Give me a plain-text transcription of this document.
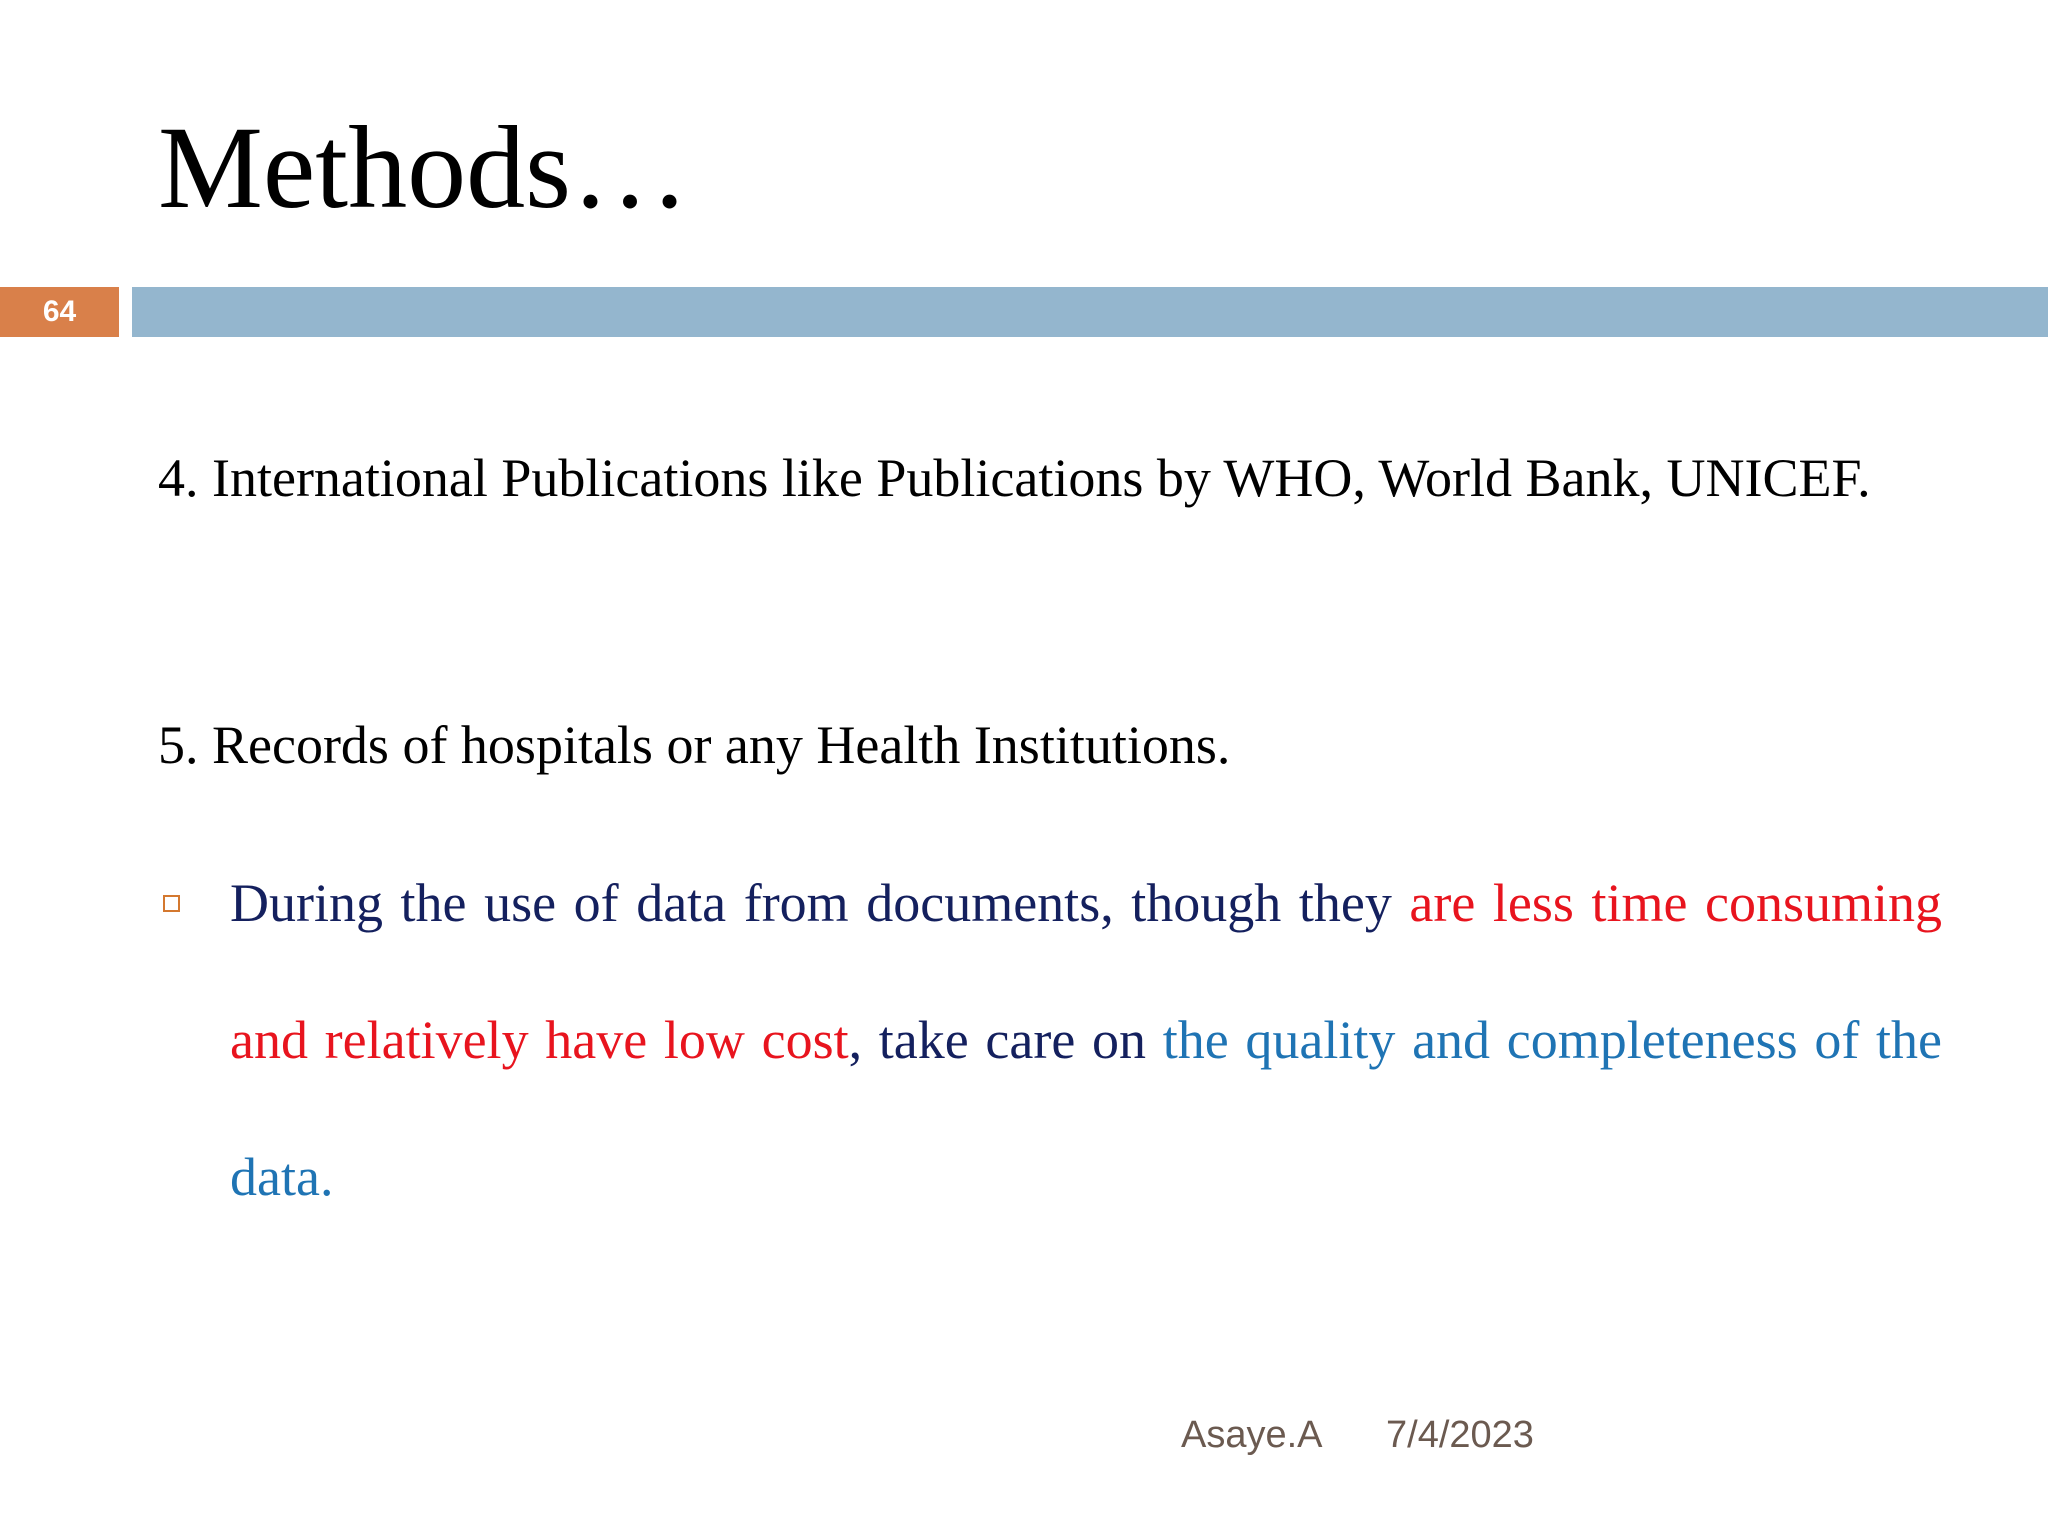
Methods…
64
4. International Publications like Publications by WHO, World Bank, UNICEF.
5. Records of hospitals or any Health Institutions.
During the use of data from documents, though they are less time consuming and relatively have low cost, take care on the quality and completeness of the data.
Asaye.A 7/4/2023
